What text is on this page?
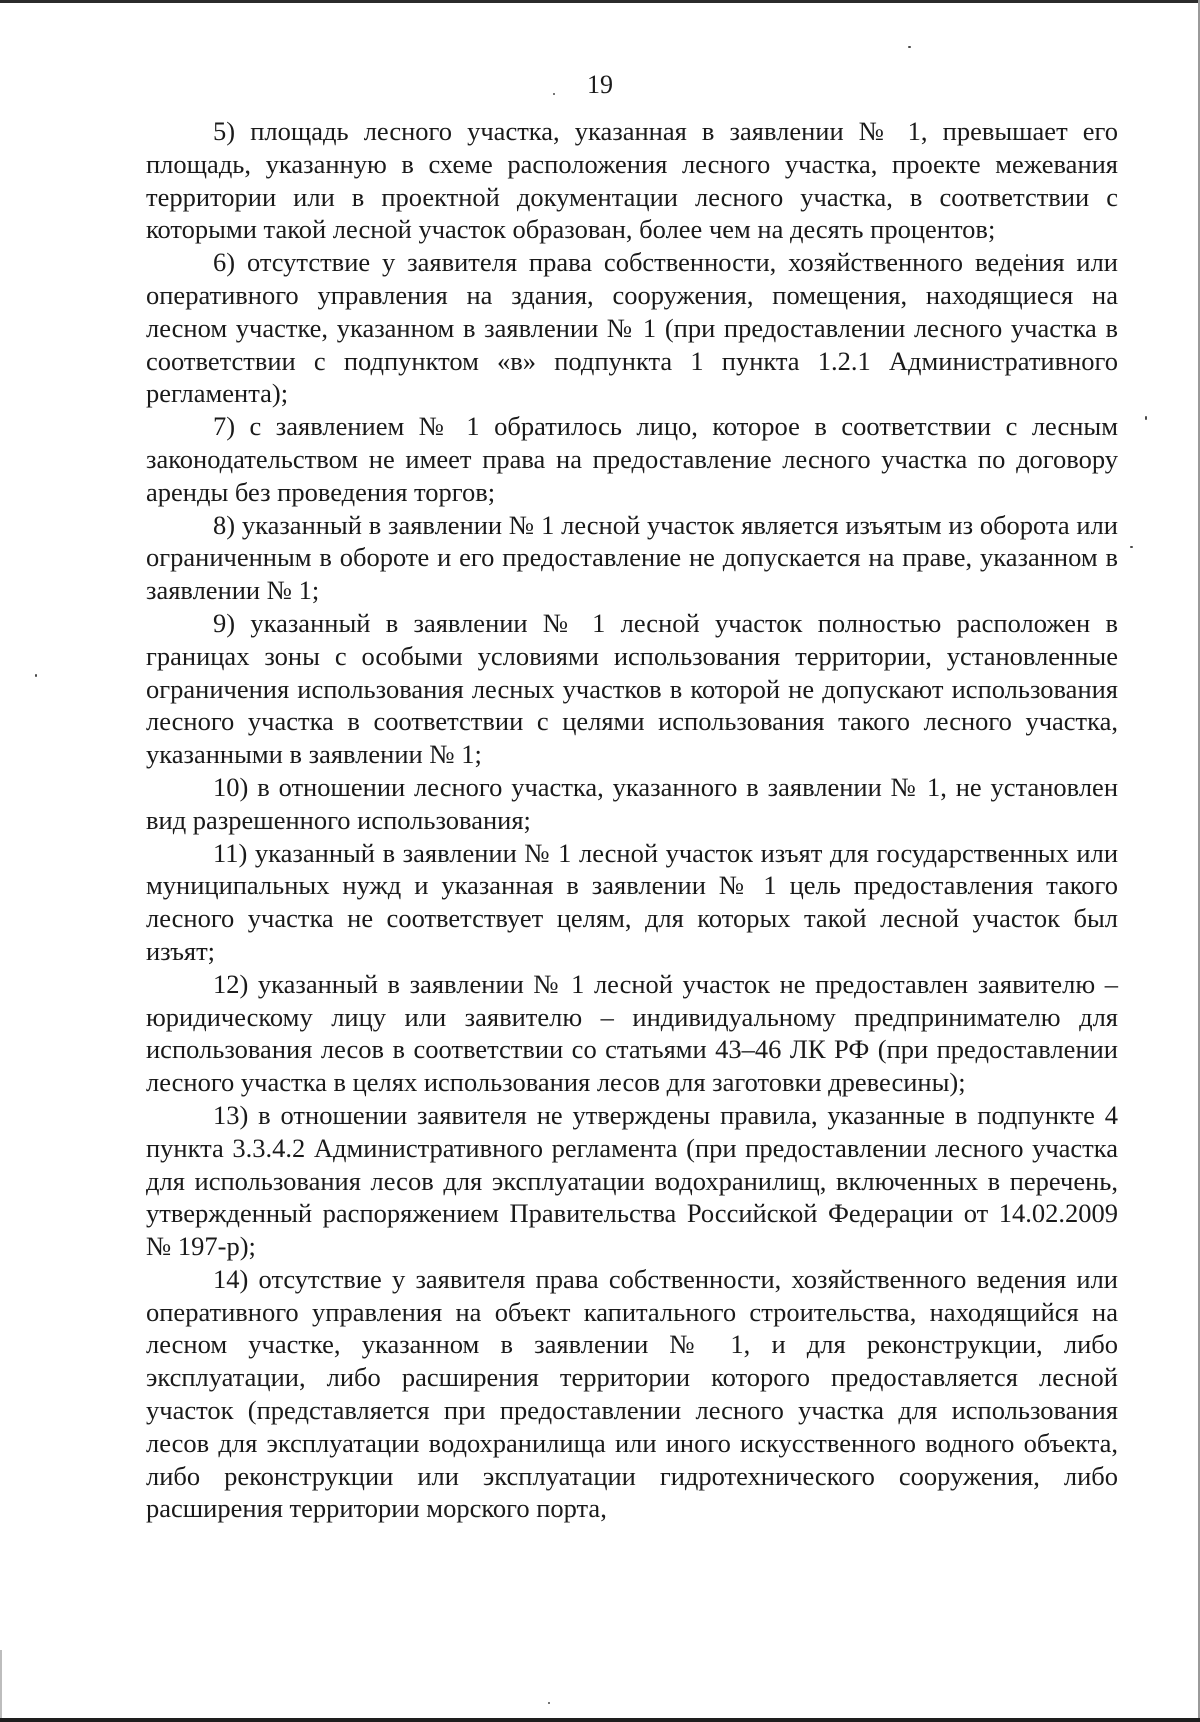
19

5) площадь лесного участка, указанная в заявлении № 1, превышает его площадь, указанную в схеме расположения лесного участка, проекте межевания территории или в проектной документации лесного участка, в соответствии с которыми такой лесной участок образован, более чем на десять процентов;

6) отсутствие у заявителя права собственности, хозяйственного ведения или оперативного управления на здания, сооружения, помещения, находящиеся на лесном участке, указанном в заявлении № 1 (при предоставлении лесного участка в соответствии с подпунктом «в» подпункта 1 пункта 1.2.1 Административного регламента);

7) с заявлением № 1 обратилось лицо, которое в соответствии с лесным законодательством не имеет права на предоставление лесного участка по договору аренды без проведения торгов;

8) указанный в заявлении № 1 лесной участок является изъятым из оборота или ограниченным в обороте и его предоставление не допускается на праве, указанном в заявлении № 1;

9) указанный в заявлении № 1 лесной участок полностью расположен в границах зоны с особыми условиями использования территории, установленные ограничения использования лесных участков в которой не допускают использования лесного участка в соответствии с целями использования такого лесного участка, указанными в заявлении № 1;

10) в отношении лесного участка, указанного в заявлении № 1, не установлен вид разрешенного использования;

11) указанный в заявлении № 1 лесной участок изъят для государственных или муниципальных нужд и указанная в заявлении № 1 цель предоставления такого лесного участка не соответствует целям, для которых такой лесной участок был изъят;

12) указанный в заявлении № 1 лесной участок не предоставлен заявителю – юридическому лицу или заявителю – индивидуальному предпринимателю для использования лесов в соответствии со статьями 43–46 ЛК РФ (при предоставлении лесного участка в целях использования лесов для заготовки древесины);

13) в отношении заявителя не утверждены правила, указанные в подпункте 4 пункта 3.3.4.2 Административного регламента (при предоставлении лесного участка для использования лесов для эксплуатации водохранилищ, включенных в перечень, утвержденный распоряжением Правительства Российской Федерации от 14.02.2009 № 197-р);

14) отсутствие у заявителя права собственности, хозяйственного ведения или оперативного управления на объект капитального строительства, находящийся на лесном участке, указанном в заявлении № 1, и для реконструкции, либо эксплуатации, либо расширения территории которого предоставляется лесной участок (представляется при предоставлении лесного участка для использования лесов для эксплуатации водохранилища или иного искусственного водного объекта, либо реконструкции или эксплуатации гидротехнического сооружения, либо расширения территории морского порта,
